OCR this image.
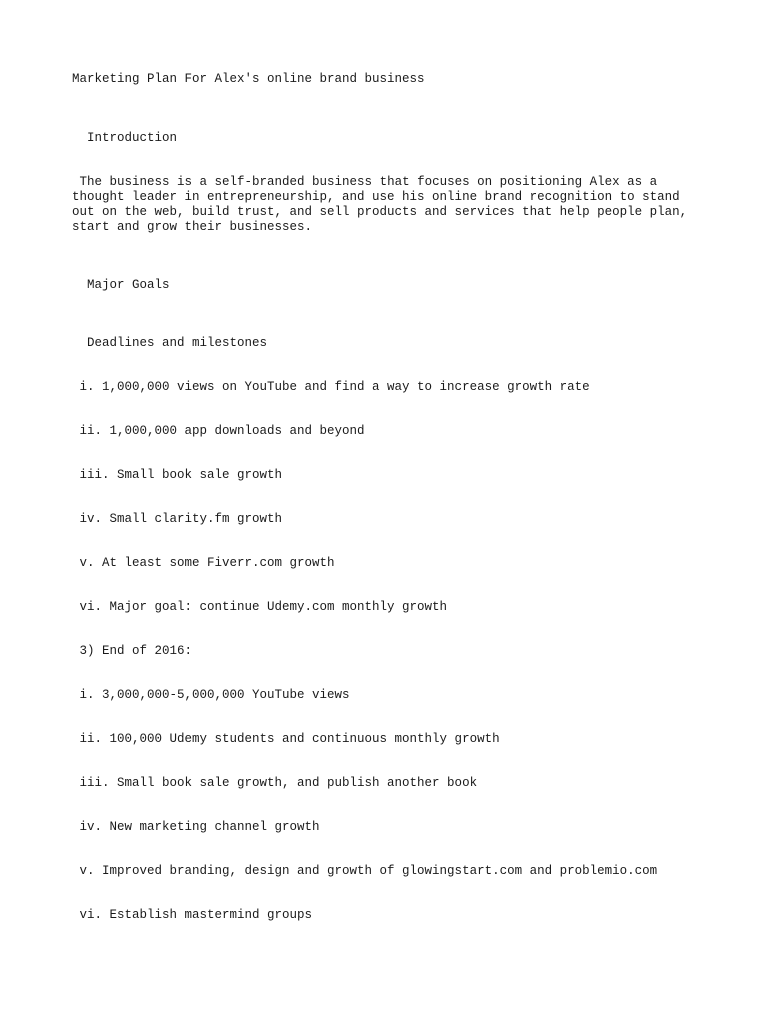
Marketing Plan For Alex's online brand business
Introduction
The business is a self-branded business that focuses on positioning Alex as a thought leader in entrepreneurship, and use his online brand recognition to stand out on the web, build trust, and sell products and services that help people plan, start and grow their businesses.
Major Goals
Deadlines and milestones
i. 1,000,000 views on YouTube and find a way to increase growth rate
ii. 1,000,000 app downloads and beyond
iii. Small book sale growth
iv. Small clarity.fm growth
v. At least some Fiverr.com growth
vi. Major goal: continue Udemy.com monthly growth
3) End of 2016:
i. 3,000,000-5,000,000 YouTube views
ii. 100,000 Udemy students and continuous monthly growth
iii. Small book sale growth, and publish another book
iv. New marketing channel growth
v. Improved branding, design and growth of glowingstart.com and problemio.com
vi. Establish mastermind groups
